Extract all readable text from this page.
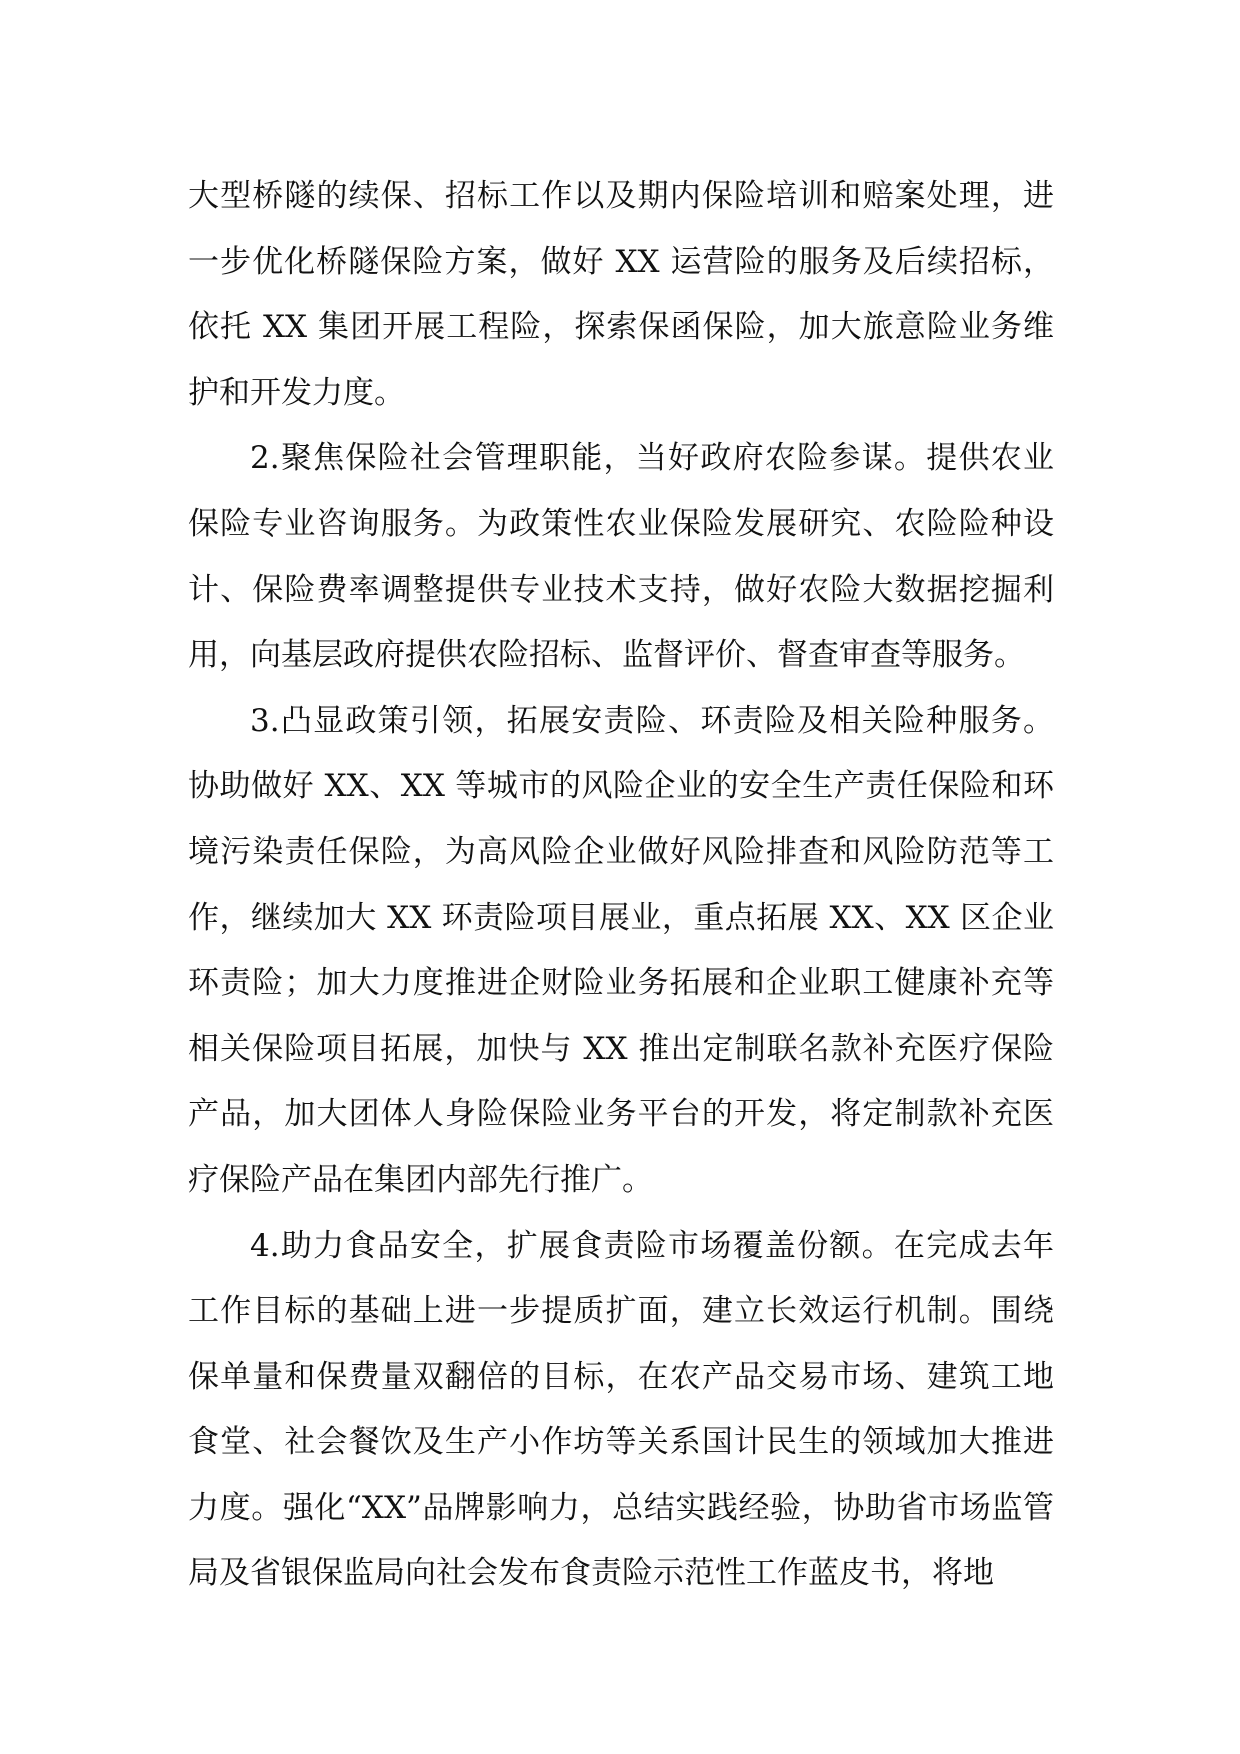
大型桥隧的续保、招标工作以及期内保险培训和赔案处理，进一步优化桥隧保险方案，做好 XX 运营险的服务及后续招标，依托 XX 集团开展工程险，探索保函保险，加大旅意险业务维护和开发力度。

2.聚焦保险社会管理职能，当好政府农险参谋。提供农业保险专业咨询服务。为政策性农业保险发展研究、农险险种设计、保险费率调整提供专业技术支持，做好农险大数据挖掘利用，向基层政府提供农险招标、监督评价、督查审查等服务。

3.凸显政策引领，拓展安责险、环责险及相关险种服务。协助做好 XX、XX 等城市的风险企业的安全生产责任保险和环境污染责任保险，为高风险企业做好风险排查和风险防范等工作，继续加大 XX 环责险项目展业，重点拓展 XX、XX 区企业环责险；加大力度推进企财险业务拓展和企业职工健康补充等相关保险项目拓展，加快与 XX 推出定制联名款补充医疗保险产品，加大团体人身险保险业务平台的开发，将定制款补充医疗保险产品在集团内部先行推广。

4.助力食品安全，扩展食责险市场覆盖份额。在完成去年工作目标的基础上进一步提质扩面，建立长效运行机制。围绕保单量和保费量双翻倍的目标，在农产品交易市场、建筑工地食堂、社会餐饮及生产小作坊等关系国计民生的领域加大推进力度。强化“XX”品牌影响力，总结实践经验，协助省市场监管局及省银保监局向社会发布食责险示范性工作蓝皮书，将地
